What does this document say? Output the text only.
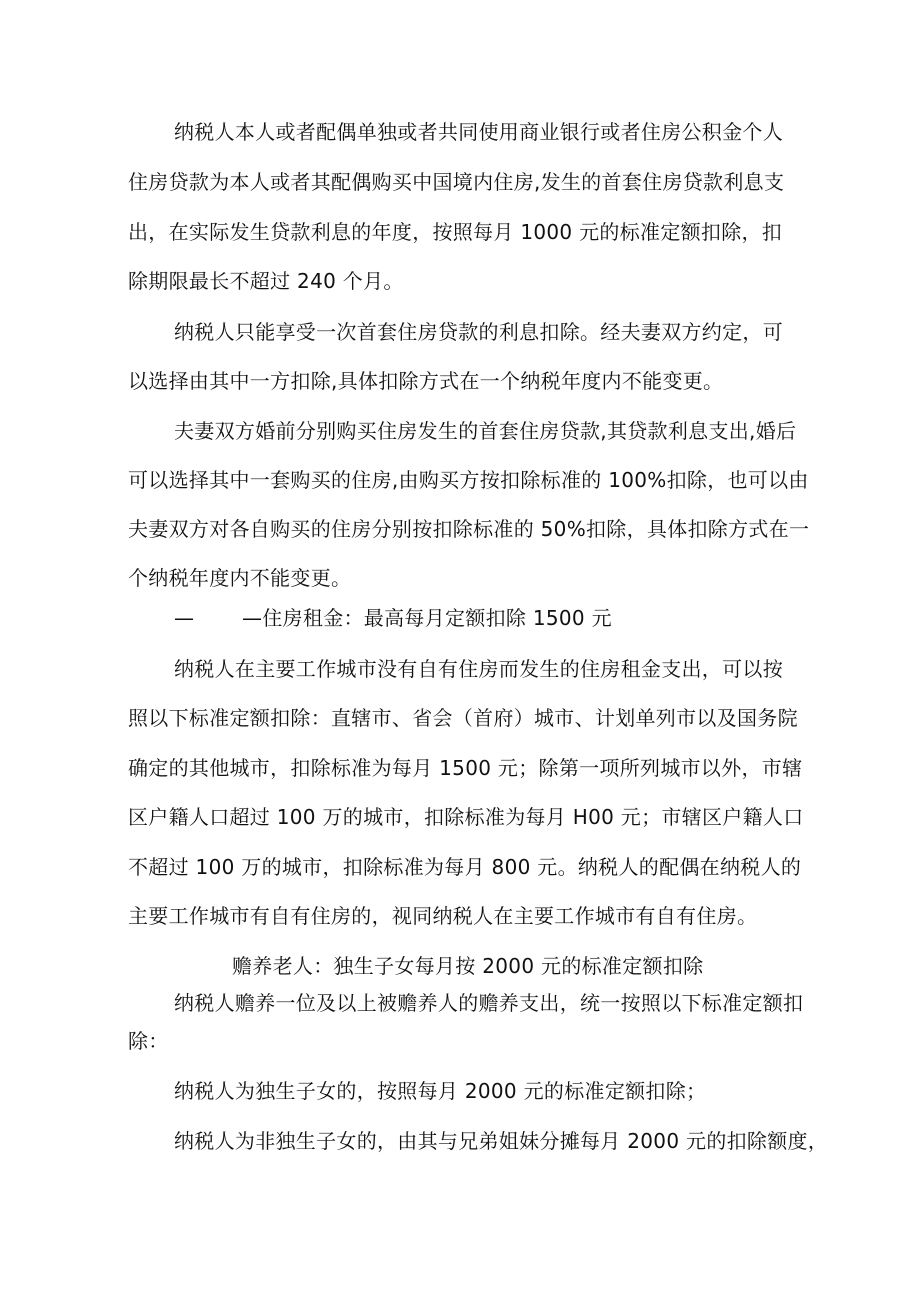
纳税人本人或者配偶单独或者共同使用商业银行或者住房公积金个人
住房贷款为本人或者其配偶购买中国境内住房,发生的首套住房贷款利息支
出，在实际发生贷款利息的年度，按照每月 1000 元的标准定额扣除，扣
除期限最长不超过 240 个月。
纳税人只能享受一次首套住房贷款的利息扣除。经夫妻双方约定，可
以选择由其中一方扣除,具体扣除方式在一个纳税年度内不能变更。
夫妻双方婚前分别购买住房发生的首套住房贷款,其贷款利息支出,婚后
可以选择其中一套购买的住房,由购买方按扣除标准的 100%扣除，也可以由
夫妻双方对各自购买的住房分别按扣除标准的 50%扣除，具体扣除方式在一
个纳税年度内不能变更。
— —住房租金：最高每月定额扣除 1500 元
纳税人在主要工作城市没有自有住房而发生的住房租金支出，可以按
照以下标准定额扣除：直辖市、省会（首府）城市、计划单列市以及国务院
确定的其他城市，扣除标准为每月 1500 元；除第一项所列城市以外，市辖
区户籍人口超过 100 万的城市，扣除标准为每月 H00 元；市辖区户籍人口
不超过 100 万的城市，扣除标准为每月 800 元。纳税人的配偶在纳税人的
主要工作城市有自有住房的，视同纳税人在主要工作城市有自有住房。
赡养老人：独生子女每月按 2000 元的标准定额扣除
纳税人赡养一位及以上被赡养人的赡养支出，统一按照以下标准定额扣
除：
纳税人为独生子女的，按照每月 2000 元的标准定额扣除；
纳税人为非独生子女的，由其与兄弟姐妹分摊每月 2000 元的扣除额度，
